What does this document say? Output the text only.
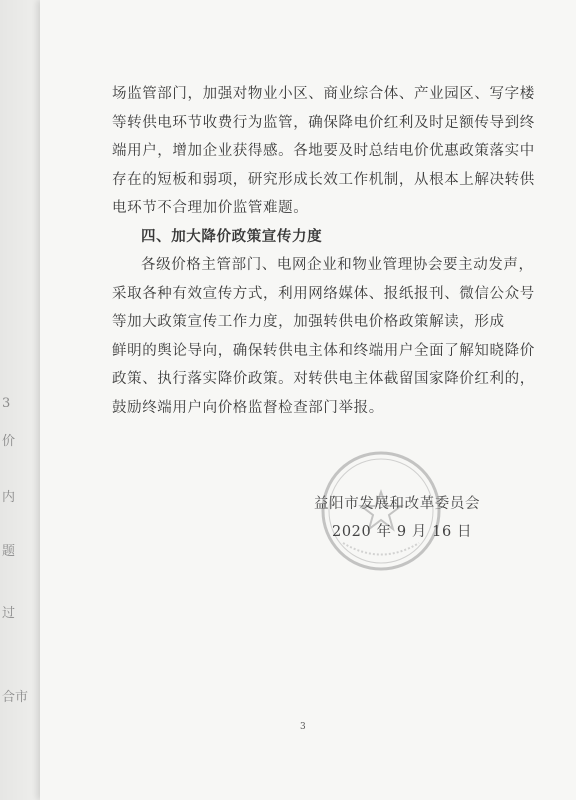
3
价
内
题
过
合市
场监管部门，加强对物业小区、商业综合体、产业园区、写字楼
等转供电环节收费行为监管，确保降电价红利及时足额传导到终
端用户，增加企业获得感。各地要及时总结电价优惠政策落实中
存在的短板和弱项，研究形成长效工作机制，从根本上解决转供
电环节不合理加价监管难题。
四、加大降价政策宣传力度
各级价格主管部门、电网企业和物业管理协会要主动发声，
采取各种有效宣传方式，利用网络媒体、报纸报刊、微信公众号
等加大政策宣传工作力度，加强转供电价格政策解读，形成
鲜明的舆论导向，确保转供电主体和终端用户全面了解知晓降价
政策、执行落实降价政策。对转供电主体截留国家降价红利的，
鼓励终端用户向价格监督检查部门举报。
益阳市发展和改革委员会
2020 年 9 月 16 日
3
